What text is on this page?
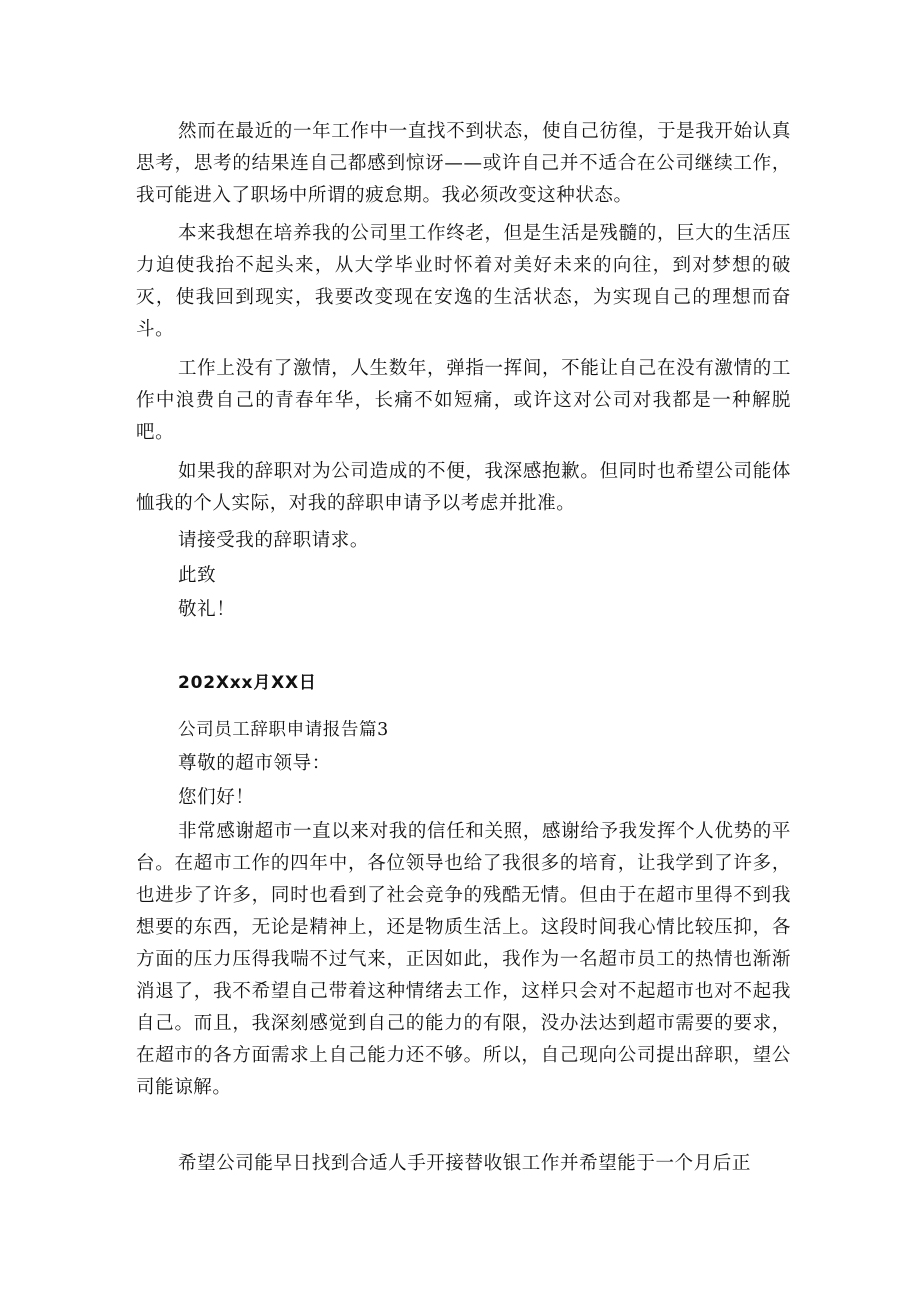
然而在最近的一年工作中一直找不到状态，使自己彷徨，于是我开始认真思考，思考的结果连自己都感到惊讶——或许自己并不适合在公司继续工作，我可能进入了职场中所谓的疲怠期。我必须改变这种状态。

本来我想在培养我的公司里工作终老，但是生活是残髓的，巨大的生活压力迫使我抬不起头来，从大学毕业时怀着对美好未来的向往，到对梦想的破灭，使我回到现实，我要改变现在安逸的生活状态，为实现自己的理想而奋斗。

工作上没有了激情，人生数年，弹指一挥间，不能让自己在没有激情的工作中浪费自己的青春年华，长痛不如短痛，或许这对公司对我都是一种解脱吧。

如果我的辞职对为公司造成的不便，我深感抱歉。但同时也希望公司能体恤我的个人实际，对我的辞职申请予以考虑并批准。

请接受我的辞职请求。

此致

敬礼！

202Xxx月XX日

公司员工辞职申请报告篇3

尊敬的超市领导：

您们好！

非常感谢超市一直以来对我的信任和关照，感谢给予我发挥个人优势的平台。在超市工作的四年中，各位领导也给了我很多的培育，让我学到了许多，也进步了许多，同时也看到了社会竞争的残酷无情。但由于在超市里得不到我想要的东西，无论是精神上，还是物质生活上。这段时间我心情比较压抑，各方面的压力压得我喘不过气来，正因如此，我作为一名超市员工的热情也渐渐消退了，我不希望自己带着这种情绪去工作，这样只会对不起超市也对不起我自己。而且，我深刻感觉到自己的能力的有限，没办法达到超市需要的要求，在超市的各方面需求上自己能力还不够。所以，自己现向公司提出辞职，望公司能谅解。

希望公司能早日找到合适人手开接替收银工作并希望能于一个月后正
